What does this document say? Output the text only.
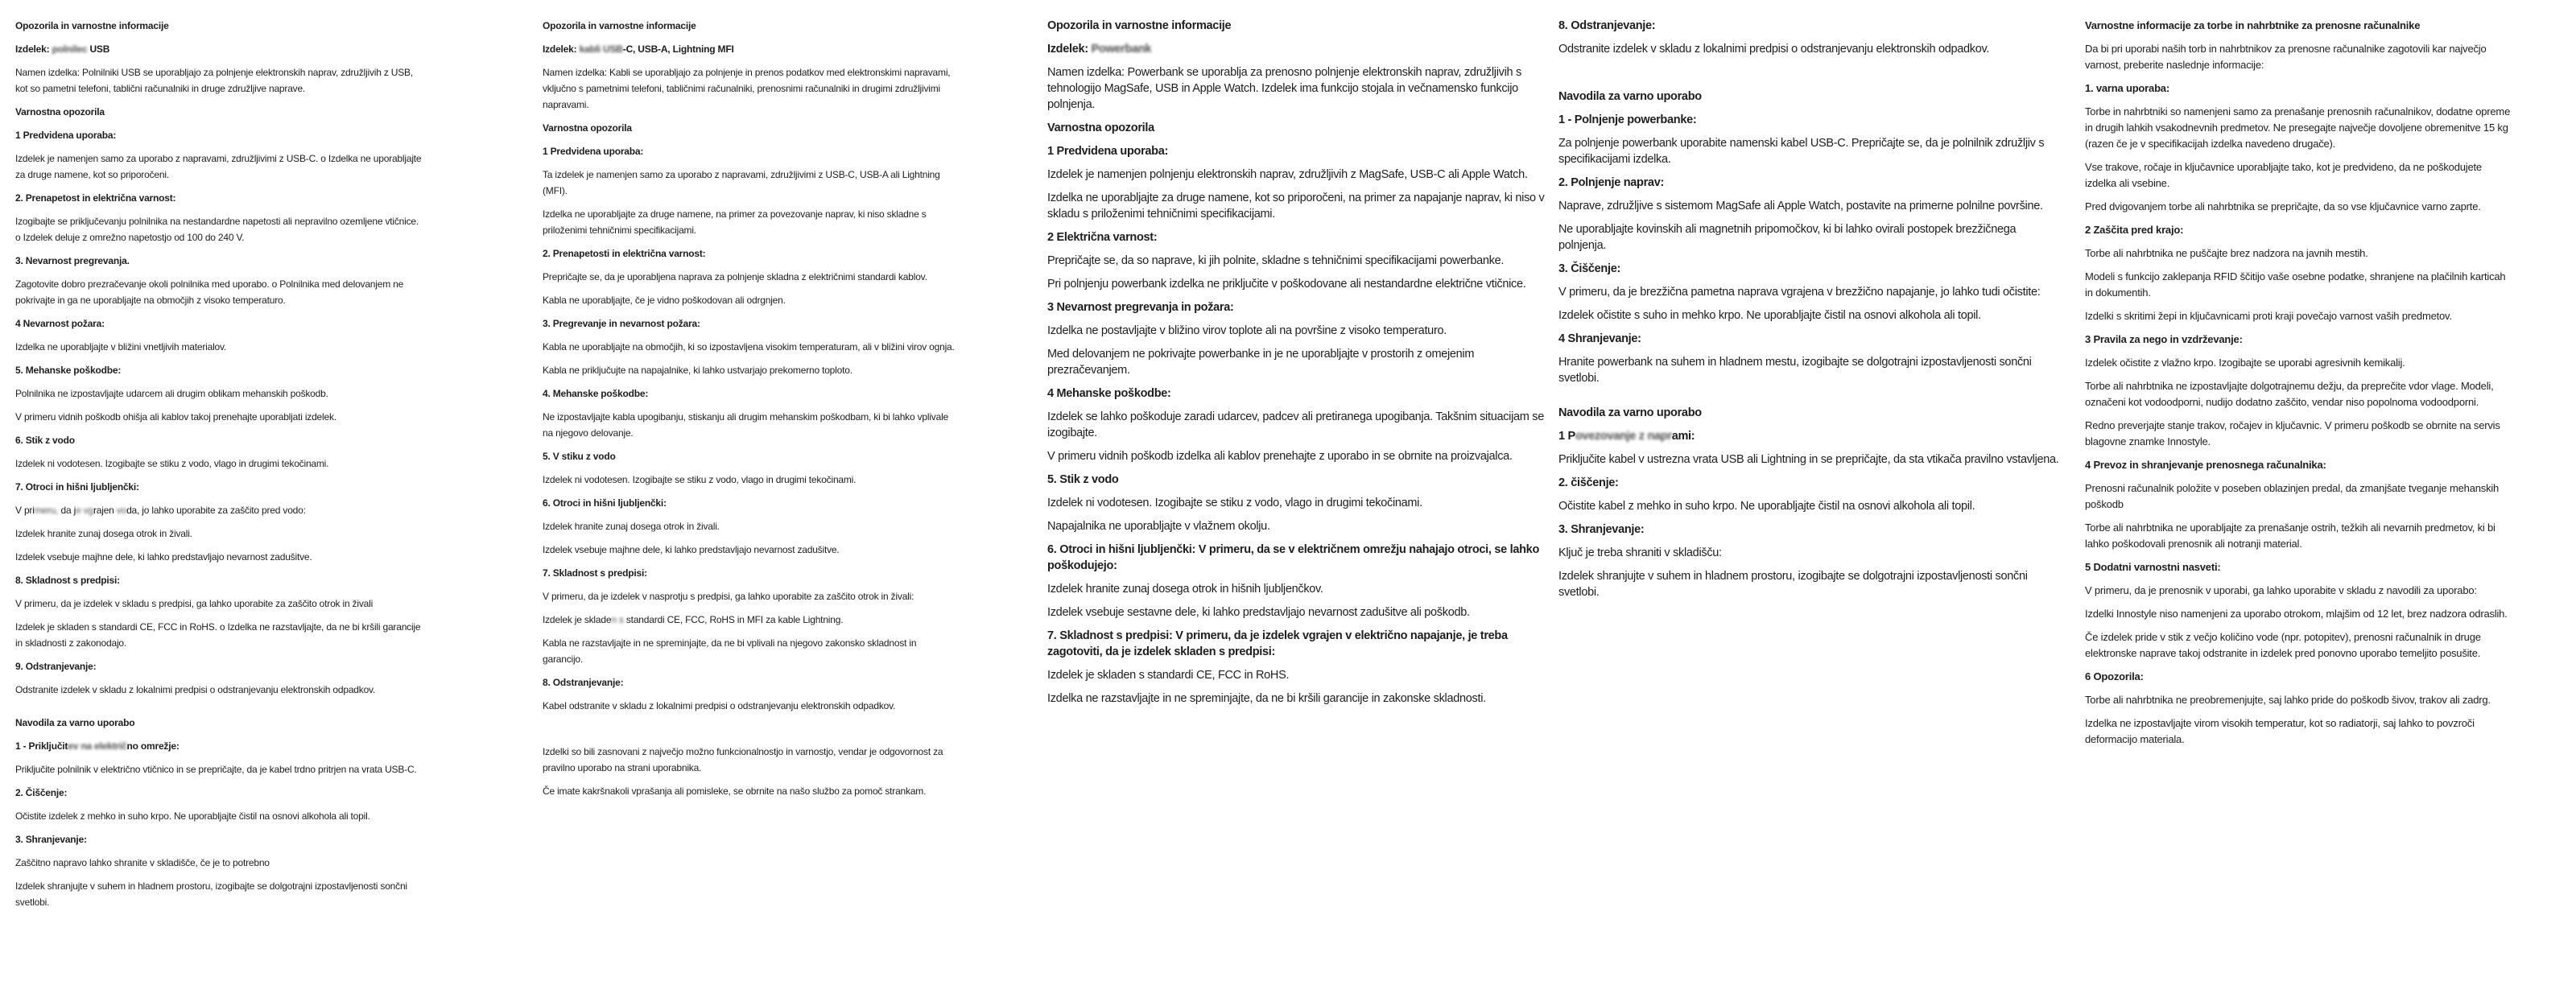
Opozorila in varnostne informacije
Izdelek: polnilec USB
Namen izdelka: Polnilniki USB se uporabljajo za polnjenje elektronskih naprav, združljivih z USB, kot so pametni telefoni, tablični računalniki in druge združljive naprave.
Varnostna opozorila
1 Predvidena uporaba:
Izdelek je namenjen samo za uporabo z napravami, združljivimi z USB-C. o Izdelka ne uporabljajte za druge namene, kot so priporočeni.
2. Prenapetost in električna varnost:
Izogibajte se priključevanju polnilnika na nestandardne napetosti ali nepravilno ozemljene vtičnice. o Izdelek deluje z omrežno napetostjo od 100 do 240 V.
3. Nevarnost pregrevanja.
Zagotovite dobro prezračevanje okoli polnilnika med uporabo. o Polnilnika med delovanjem ne pokrivajte in ga ne uporabljajte na območjih z visoko temperaturo.
4 Nevarnost požara:
Izdelka ne uporabljajte v bližini vnetljivih materialov.
5. Mehanske poškodbe:
Polnilnika ne izpostavljajte udarcem ali drugim oblikam mehanskih poškodb.
V primeru vidnih poškodb ohišja ali kablov takoj prenehajte uporabljati izdelek.
6. Stik z vodo
Izdelek ni vodotesen. Izogibajte se stiku z vodo, vlago in drugimi tekočinami.
7. Otroci in hišni ljubljenčki:
V primeru, da je vgrajen voda, jo lahko uporabite za zaščito pred vodo:
Izdelek hranite zunaj dosega otrok in živali.
Izdelek vsebuje majhne dele, ki lahko predstavljajo nevarnost zadušitve.
8. Skladnost s predpisi:
V primeru, da je izdelek v skladu s predpisi, ga lahko uporabite za zaščito otrok in živali
Izdelek je skladen s standardi CE, FCC in RoHS. o Izdelka ne razstavljajte, da ne bi kršili garancije in skladnosti z zakonodajo.
9. Odstranjevanje:
Odstranite izdelek v skladu z lokalnimi predpisi o odstranjevanju elektronskih odpadkov.
Navodila za varno uporabo
1 - Priključitev na električno omrežje:
Priključite polnilnik v električno vtičnico in se prepričajte, da je kabel trdno pritrjen na vrata USB-C.
2. Čiščenje:
Očistite izdelek z mehko in suho krpo. Ne uporabljajte čistil na osnovi alkohola ali topil.
3. Shranjevanje:
Zaščitno napravo lahko shranite v skladišče, če je to potrebno
Izdelek shranjujte v suhem in hladnem prostoru, izogibajte se dolgotrajni izpostavljenosti sončni svetlobi.
Opozorila in varnostne informacije
Izdelek: kabli USB-C, USB-A, Lightning MFI
Namen izdelka: Kabli se uporabljajo za polnjenje in prenos podatkov med elektronskimi napravami, vključno s pametnimi telefoni, tabličnimi računalniki, prenosnimi računalniki in drugimi združljivimi napravami.
Varnostna opozorila
1 Predvidena uporaba:
Ta izdelek je namenjen samo za uporabo z napravami, združljivimi z USB-C, USB-A ali Lightning (MFI).
Izdelka ne uporabljajte za druge namene, na primer za povezovanje naprav, ki niso skladne s priloženimi tehničnimi specifikacijami.
2. Prenapetosti in električna varnost:
Prepričajte se, da je uporabljena naprava za polnjenje skladna z električnimi standardi kablov.
Kabla ne uporabljajte, če je vidno poškodovan ali odrgnjen.
3. Pregrevanje in nevarnost požara:
Kabla ne uporabljajte na območjih, ki so izpostavljena visokim temperaturam, ali v bližini virov ognja.
Kabla ne priključujte na napajalnike, ki lahko ustvarjajo prekomerno toploto.
4. Mehanske poškodbe:
Ne izpostavljajte kabla upogibanju, stiskanju ali drugim mehanskim poškodbam, ki bi lahko vplivale na njegovo delovanje.
5. V stiku z vodo
Izdelek ni vodotesen. Izogibajte se stiku z vodo, vlago in drugimi tekočinami.
6. Otroci in hišni ljubljenčki:
Izdelek hranite zunaj dosega otrok in živali.
Izdelek vsebuje majhne dele, ki lahko predstavljajo nevarnost zadušitve.
7. Skladnost s predpisi:
V primeru, da je izdelek v nasprotju s predpisi, ga lahko uporabite za zaščito otrok in živali:
Izdelek je skladen s standardi CE, FCC, RoHS in MFI za kable Lightning.
Kabla ne razstavljajte in ne spreminjajte, da ne bi vplivali na njegovo zakonsko skladnost in garancijo.
8. Odstranjevanje:
Kabel odstranite v skladu z lokalnimi predpisi o odstranjevanju elektronskih odpadkov.
Izdelki so bili zasnovani z največjo možno funkcionalnostjo in varnostjo, vendar je odgovornost za pravilno uporabo na strani uporabnika.
Če imate kakršnakoli vprašanja ali pomisleke, se obrnite na našo službo za pomoč strankam.
Opozorila in varnostne informacije
Izdelek: Powerbank
Namen izdelka: Powerbank se uporablja za prenosno polnjenje elektronskih naprav, združljivih s tehnologijo MagSafe, USB in Apple Watch. Izdelek ima funkcijo stojala in večnamensko funkcijo polnjenja.
Varnostna opozorila
1 Predvidena uporaba:
Izdelek je namenjen polnjenju elektronskih naprav, združljivih z MagSafe, USB-C ali Apple Watch.
Izdelka ne uporabljajte za druge namene, kot so priporočeni, na primer za napajanje naprav, ki niso v skladu s priloženimi tehničnimi specifikacijami.
2 Električna varnost:
Prepričajte se, da so naprave, ki jih polnite, skladne s tehničnimi specifikacijami powerbanke.
Pri polnjenju powerbank izdelka ne priključite v poškodovane ali nestandardne električne vtičnice.
3 Nevarnost pregrevanja in požara:
Izdelka ne postavljajte v bližino virov toplote ali na površine z visoko temperaturo.
Med delovanjem ne pokrivajte powerbanke in je ne uporabljajte v prostorih z omejenim prezračevanjem.
4 Mehanske poškodbe:
Izdelek se lahko poškoduje zaradi udarcev, padcev ali pretiranega upogibanja. Takšnim situacijam se izogibajte.
V primeru vidnih poškodb izdelka ali kablov prenehajte z uporabo in se obrnite na proizvajalca.
5. Stik z vodo
Izdelek ni vodotesen. Izogibajte se stiku z vodo, vlago in drugimi tekočinami.
Napajalnika ne uporabljajte v vlažnem okolju.
6. Otroci in hišni ljubljenčki: V primeru, da se v električnem omrežju nahajajo otroci, se lahko poškodujejo:
Izdelek hranite zunaj dosega otrok in hišnih ljubljenčkov.
Izdelek vsebuje sestavne dele, ki lahko predstavljajo nevarnost zadušitve ali poškodb.
7. Skladnost s predpisi: V primeru, da je izdelek vgrajen v električno napajanje, je treba zagotoviti, da je izdelek skladen s predpisi:
Izdelek je skladen s standardi CE, FCC in RoHS.
Izdelka ne razstavljajte in ne spreminjajte, da ne bi kršili garancije in zakonske skladnosti.
8. Odstranjevanje:
Odstranite izdelek v skladu z lokalnimi predpisi o odstranjevanju elektronskih odpadkov.
Navodila za varno uporabo
1 - Polnjenje powerbanke:
Za polnjenje powerbank uporabite namenski kabel USB-C. Prepričajte se, da je polnilnik združljiv s specifikacijami izdelka.
2. Polnjenje naprav:
Naprave, združljive s sistemom MagSafe ali Apple Watch, postavite na primerne polnilne površine.
Ne uporabljajte kovinskih ali magnetnih pripomočkov, ki bi lahko ovirali postopek brezžičnega polnjenja.
3. Čiščenje:
V primeru, da je brezžična pametna naprava vgrajena v brezžično napajanje, jo lahko tudi očistite:
Izdelek očistite s suho in mehko krpo. Ne uporabljajte čistil na osnovi alkohola ali topil.
4 Shranjevanje:
Hranite powerbank na suhem in hladnem mestu, izogibajte se dolgotrajni izpostavljenosti sončni svetlobi.
Navodila za varno uporabo
1 Povezovanje z naprami:
Priključite kabel v ustrezna vrata USB ali Lightning in se prepričajte, da sta vtikača pravilno vstavljena.
2. čiščenje:
Očistite kabel z mehko in suho krpo. Ne uporabljajte čistil na osnovi alkohola ali topil.
3. Shranjevanje:
Ključ je treba shraniti v skladišču:
Izdelek shranjujte v suhem in hladnem prostoru, izogibajte se dolgotrajni izpostavljenosti sončni svetlobi.
Varnostne informacije za torbe in nahrbtnike za prenosne računalnike
Da bi pri uporabi naših torb in nahrbtnikov za prenosne računalnike zagotovili kar največjo varnost, preberite naslednje informacije:
1. varna uporaba:
Torbe in nahrbtniki so namenjeni samo za prenašanje prenosnih računalnikov, dodatne opreme in drugih lahkih vsakodnevnih predmetov. Ne presegajte največje dovoljene obremenitve 15 kg (razen če je v specifikacijah izdelka navedeno drugače).
Vse trakove, ročaje in ključavnice uporabljajte tako, kot je predvideno, da ne poškodujete izdelka ali vsebine.
Pred dvigovanjem torbe ali nahrbtnika se prepričajte, da so vse ključavnice varno zaprte.
2 Zaščita pred krajo:
Torbe ali nahrbtnika ne puščajte brez nadzora na javnih mestih.
Modeli s funkcijo zaklepanja RFID ščitijo vaše osebne podatke, shranjene na plačilnih karticah in dokumentih.
Izdelki s skritimi žepi in ključavnicami proti kraji povečajo varnost vaših predmetov.
3 Pravila za nego in vzdrževanje:
Izdelek očistite z vlažno krpo. Izogibajte se uporabi agresivnih kemikalij.
Torbe ali nahrbtnika ne izpostavljajte dolgotrajnemu dežju, da preprečite vdor vlage. Modeli, označeni kot vodoodporni, nudijo dodatno zaščito, vendar niso popolnoma vodoodporni.
Redno preverjajte stanje trakov, ročajev in ključavnic. V primeru poškodb se obrnite na servis blagovne znamke Innostyle.
4 Prevoz in shranjevanje prenosnega računalnika:
Prenosni računalnik položite v poseben oblazinjen predal, da zmanjšate tveganje mehanskih poškodb
Torbe ali nahrbtnika ne uporabljajte za prenašanje ostrih, težkih ali nevarnih predmetov, ki bi lahko poškodovali prenosnik ali notranji material.
5 Dodatni varnostni nasveti:
V primeru, da je prenosnik v uporabi, ga lahko uporabite v skladu z navodili za uporabo:
Izdelki Innostyle niso namenjeni za uporabo otrokom, mlajšim od 12 let, brez nadzora odraslih.
Če izdelek pride v stik z večjo količino vode (npr. potopitev), prenosni računalnik in druge elektronske naprave takoj odstranite in izdelek pred ponovno uporabo temeljito posušite.
6 Opozorila:
Torbe ali nahrbtnika ne preobremenjujte, saj lahko pride do poškodb šivov, trakov ali zadrg.
Izdelka ne izpostavljajte virom visokih temperatur, kot so radiatorji, saj lahko to povzroči deformacijo materiala.
